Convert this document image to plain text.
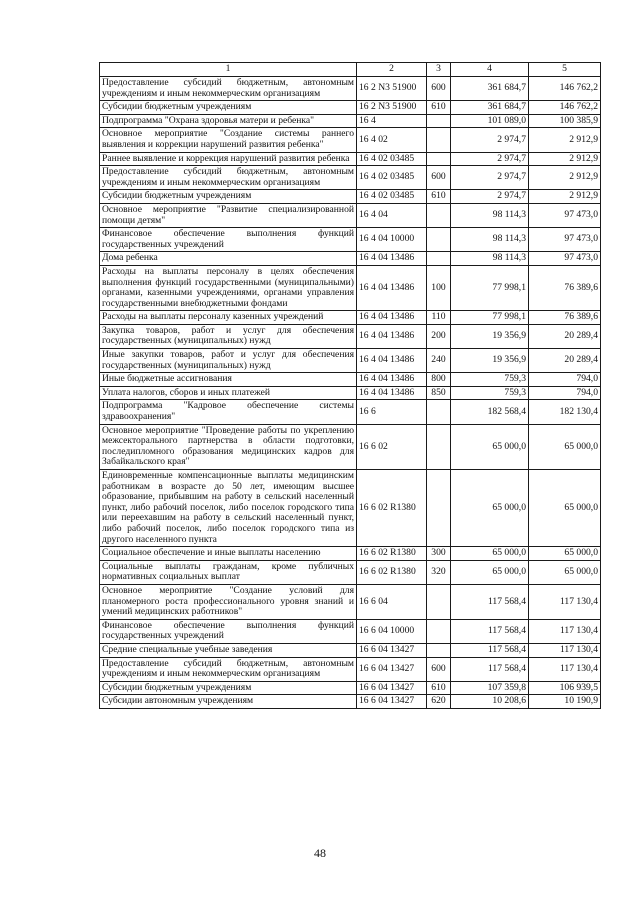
1	2	3	4	5
Предоставление субсидий бюджетным, автономным учреждениям и иным некоммерческим организациям	16 2 N3 51900	600	361 684,7	146 762,2
Субсидии бюджетным учреждениям	16 2 N3 51900	610	361 684,7	146 762,2
Подпрограмма "Охрана здоровья матери и ребенка"	16 4		101 089,0	100 385,9
Основное мероприятие "Создание системы раннего выявления и коррекции нарушений развития ребенка"	16 4 02		2 974,7	2 912,9
Раннее выявление и коррекция нарушений развития ребенка	16 4 02 03485		2 974,7	2 912,9
Предоставление субсидий бюджетным, автономным учреждениям и иным некоммерческим организациям	16 4 02 03485	600	2 974,7	2 912,9
Субсидии бюджетным учреждениям	16 4 02 03485	610	2 974,7	2 912,9
Основное мероприятие "Развитие специализированной помощи детям"	16 4 04		98 114,3	97 473,0
Финансовое обеспечение выполнения функций государственных учреждений	16 4 04 10000		98 114,3	97 473,0
Дома ребенка	16 4 04 13486		98 114,3	97 473,0
Расходы на выплаты персоналу в целях обеспечения выполнения функций государственными (муниципальными) органами, казенными учреждениями, органами управления государственными внебюджетными фондами	16 4 04 13486	100	77 998,1	76 389,6
Расходы на выплаты персоналу казенных учреждений	16 4 04 13486	110	77 998,1	76 389,6
Закупка товаров, работ и услуг для обеспечения государственных (муниципальных) нужд	16 4 04 13486	200	19 356,9	20 289,4
Иные закупки товаров, работ и услуг для обеспечения государственных (муниципальных) нужд	16 4 04 13486	240	19 356,9	20 289,4
Иные бюджетные ассигнования	16 4 04 13486	800	759,3	794,0
Уплата налогов, сборов и иных платежей	16 4 04 13486	850	759,3	794,0
Подпрограмма "Кадровое обеспечение системы здравоохранения"	16 6		182 568,4	182 130,4
Основное мероприятие "Проведение работы по укреплению межсекторального партнерства в области подготовки, последипломного образования медицинских кадров для Забайкальского края"	16 6 02		65 000,0	65 000,0
Единовременные компенсационные выплаты медицинским работникам в возрасте до 50 лет, имеющим высшее образование, прибывшим на работу в сельский населенный пункт, либо рабочий поселок, либо поселок городского типа или переехавшим на работу в сельский населенный пункт, либо рабочий поселок, либо поселок городского типа из другого населенного пункта	16 6 02 R1380		65 000,0	65 000,0
Социальное обеспечение и иные выплаты населению	16 6 02 R1380	300	65 000,0	65 000,0
Социальные выплаты гражданам, кроме публичных нормативных социальных выплат	16 6 02 R1380	320	65 000,0	65 000,0
Основное мероприятие "Создание условий для планомерного роста профессионального уровня знаний и умений медицинских работников"	16 6 04		117 568,4	117 130,4
Финансовое обеспечение выполнения функций государственных учреждений	16 6 04 10000		117 568,4	117 130,4
Средние специальные учебные заведения	16 6 04 13427		117 568,4	117 130,4
Предоставление субсидий бюджетным, автономным учреждениям и иным некоммерческим организациям	16 6 04 13427	600	117 568,4	117 130,4
Субсидии бюджетным учреждениям	16 6 04 13427	610	107 359,8	106 939,5
Субсидии автономным учреждениям	16 6 04 13427	620	10 208,6	10 190,9
48
